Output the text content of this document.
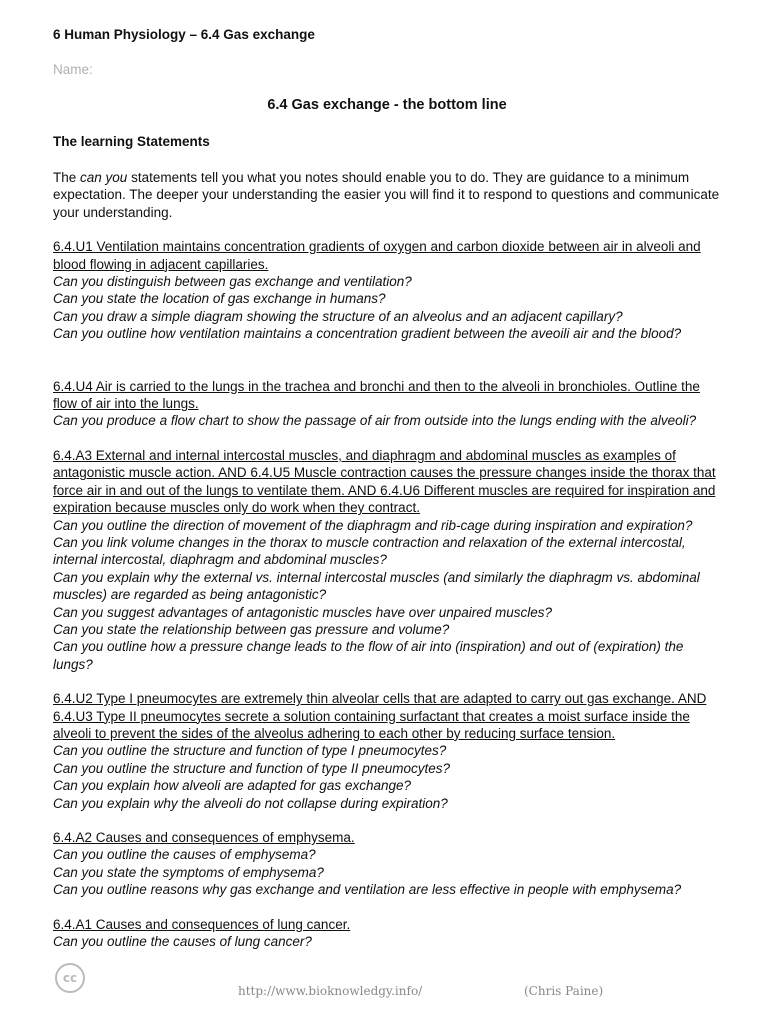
6 Human Physiology – 6.4 Gas exchange
Name:
6.4 Gas exchange - the bottom line
The learning Statements
The can you statements tell you what you notes should enable you to do. They are guidance to a minimum expectation. The deeper your understanding the easier you will find it to respond to questions and communicate your understanding.
6.4.U1 Ventilation maintains concentration gradients of oxygen and carbon dioxide between air in alveoli and blood flowing in adjacent capillaries.
Can you distinguish between gas exchange and ventilation?
Can you state the location of gas exchange in humans?
Can you draw a simple diagram showing the structure of an alveolus and an adjacent capillary?
Can you outline how ventilation maintains a concentration gradient between the aveoili air and the blood?
6.4.U4 Air is carried to the lungs in the trachea and bronchi and then to the alveoli in bronchioles. Outline the flow of air into the lungs.
Can you produce a flow chart to show the passage of air from outside into the lungs ending with the alveoli?
6.4.A3 External and internal intercostal muscles, and diaphragm and abdominal muscles as examples of antagonistic muscle action. AND 6.4.U5 Muscle contraction causes the pressure changes inside the thorax that force air in and out of the lungs to ventilate them. AND 6.4.U6 Different muscles are required for inspiration and expiration because muscles only do work when they contract.
Can you outline the direction of movement of the diaphragm and rib-cage during inspiration and expiration?
Can you link volume changes in the thorax to muscle contraction and relaxation of the external intercostal, internal intercostal, diaphragm and abdominal muscles?
Can you explain why the external vs. internal intercostal muscles (and similarly the diaphragm vs. abdominal muscles) are regarded as being antagonistic?
Can you suggest advantages of antagonistic muscles have over unpaired muscles?
Can you state the relationship between gas pressure and volume?
Can you outline how a pressure change leads to the flow of air into (inspiration) and out of (expiration) the lungs?
6.4.U2 Type I pneumocytes are extremely thin alveolar cells that are adapted to carry out gas exchange. AND 6.4.U3 Type II pneumocytes secrete a solution containing surfactant that creates a moist surface inside the alveoli to prevent the sides of the alveolus adhering to each other by reducing surface tension.
Can you outline the structure and function of type I pneumocytes?
Can you outline the structure and function of type II pneumocytes?
Can you explain how alveoli are adapted for gas exchange?
Can you explain why the alveoli do not collapse during expiration?
6.4.A2 Causes and consequences of emphysema.
Can you outline the causes of emphysema?
Can you state the symptoms of emphysema?
Can you outline reasons why gas exchange and ventilation are less effective in people with emphysema?
6.4.A1 Causes and consequences of lung cancer.
Can you outline the causes of lung cancer?
cc
http://www.bioknowledgy.info/	(Chris Paine)
